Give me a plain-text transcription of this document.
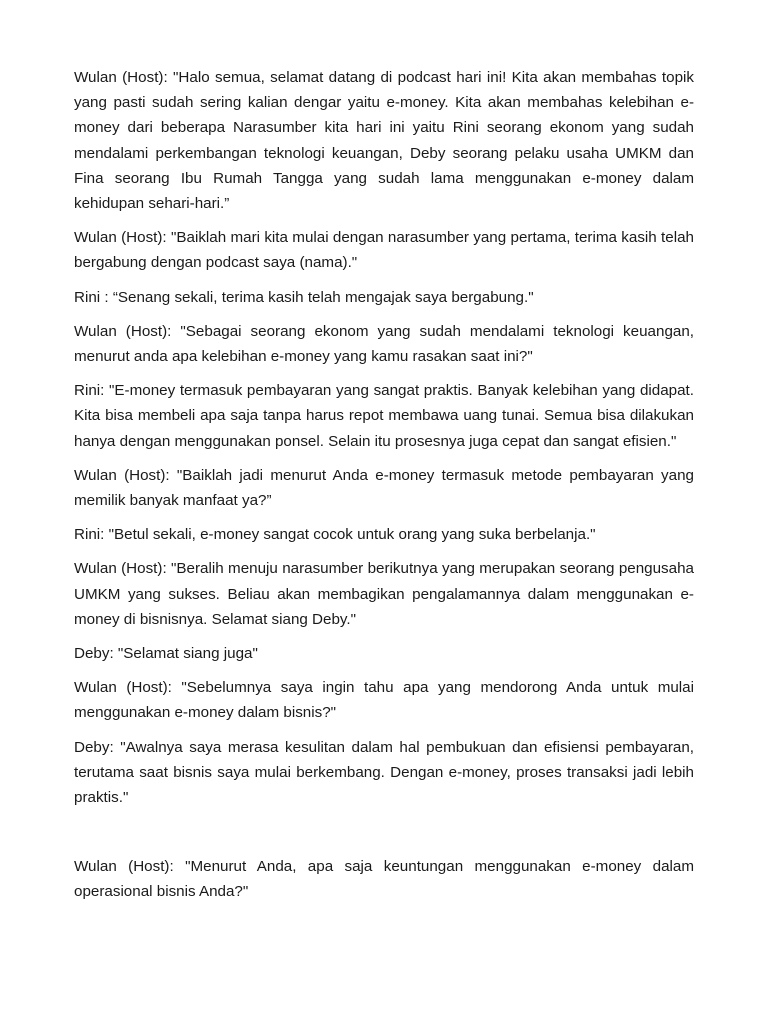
Wulan (Host): "Halo semua, selamat datang di podcast hari ini! Kita akan membahas topik yang pasti sudah sering kalian dengar yaitu e-money. Kita akan membahas kelebihan e-money dari beberapa Narasumber kita hari ini yaitu Rini seorang ekonom yang sudah mendalami perkembangan teknologi keuangan, Deby seorang pelaku usaha UMKM dan Fina seorang Ibu Rumah Tangga yang sudah lama menggunakan e-money dalam kehidupan sehari-hari.”

Wulan (Host): "Baiklah mari kita mulai dengan narasumber yang pertama, terima kasih telah bergabung dengan podcast saya (nama)."

Rini : “Senang sekali, terima kasih telah mengajak saya bergabung."

Wulan (Host): "Sebagai seorang ekonom yang sudah mendalami teknologi keuangan, menurut anda apa kelebihan e-money yang kamu rasakan saat ini?"

Rini: "E-money termasuk pembayaran yang sangat praktis. Banyak kelebihan yang didapat. Kita bisa membeli apa saja tanpa harus repot membawa uang tunai. Semua bisa dilakukan hanya dengan menggunakan ponsel. Selain itu prosesnya juga cepat dan sangat efisien."

Wulan (Host): "Baiklah jadi menurut Anda e-money termasuk metode pembayaran yang memilik banyak manfaat ya?”

Rini: "Betul sekali, e-money sangat cocok untuk orang yang suka berbelanja."

Wulan (Host): "Beralih menuju narasumber berikutnya yang merupakan seorang pengusaha UMKM yang sukses. Beliau akan membagikan pengalamannya dalam menggunakan e-money di bisnisnya. Selamat siang Deby."

Deby: "Selamat siang juga"

Wulan (Host): "Sebelumnya saya ingin tahu apa yang mendorong Anda untuk mulai menggunakan e-money dalam bisnis?"

Deby: "Awalnya saya merasa kesulitan dalam hal pembukuan dan efisiensi pembayaran, terutama saat bisnis saya mulai berkembang. Dengan e-money, proses transaksi jadi lebih praktis."

Wulan (Host): "Menurut Anda, apa saja keuntungan menggunakan e-money dalam operasional bisnis Anda?"
